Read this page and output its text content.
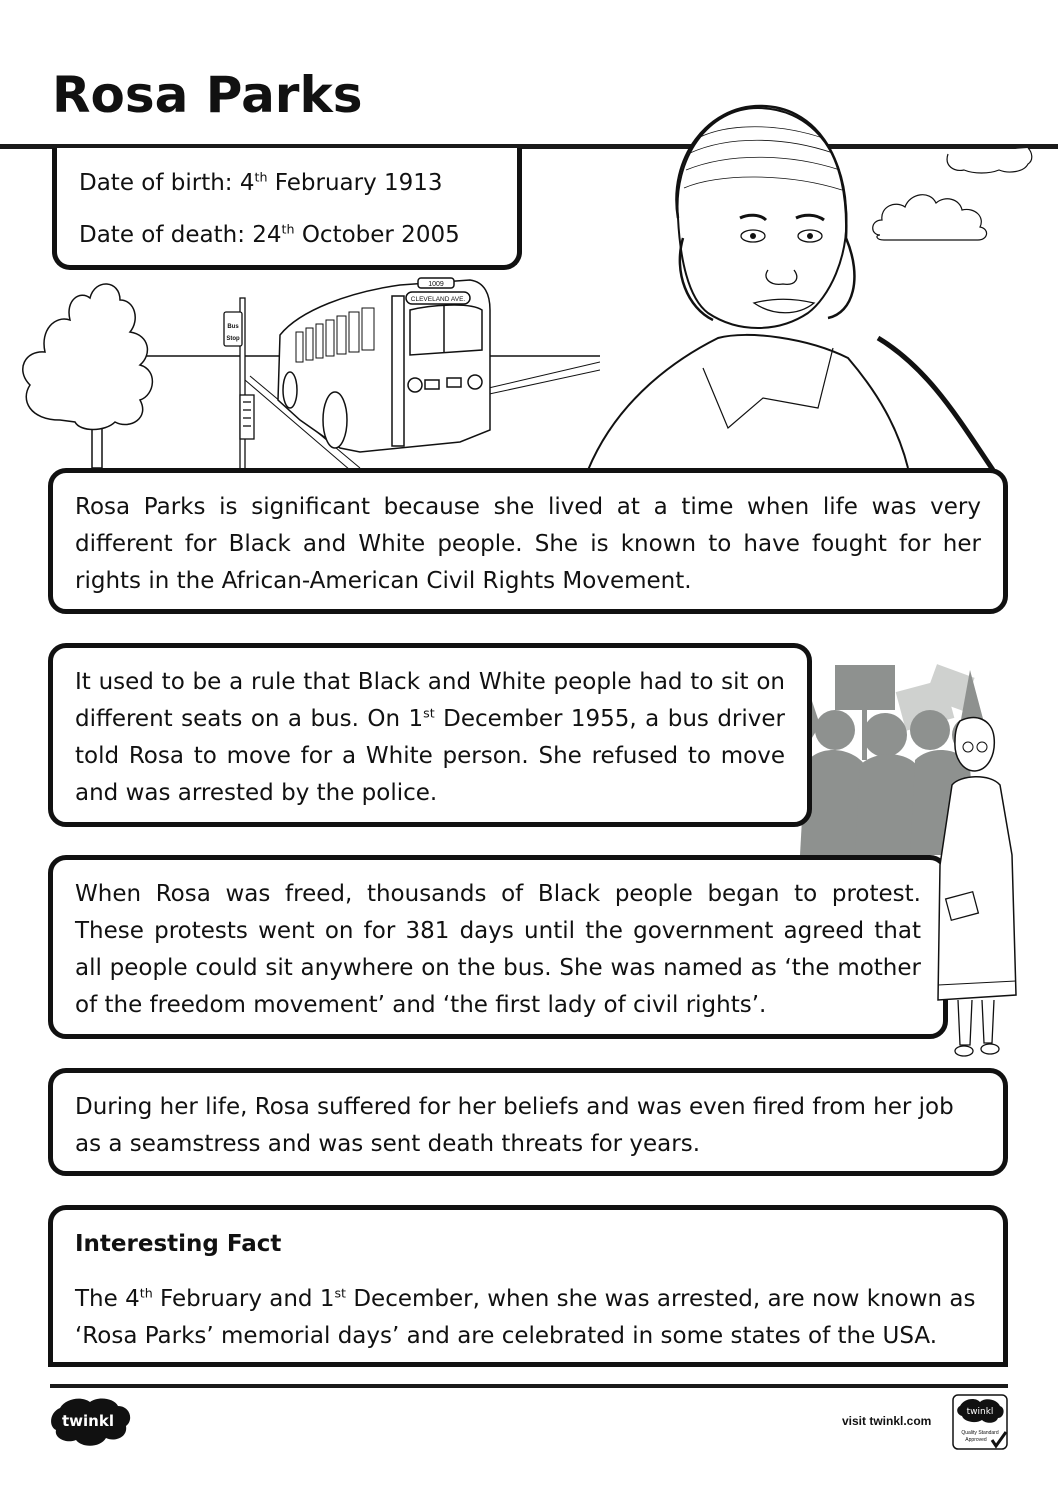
Rosa Parks
Date of birth: 4th February 1913
Date of death: 24th October 2005
Bus
Stop
CLEVELAND AVE.
1009
Rosa Parks is significant because she lived at a time when life was very different for Black and White people. She is known to have fought for her rights in the African-American Civil Rights Movement.
It used to be a rule that Black and White people had to sit on different seats on a bus. On 1st December 1955, a bus driver told Rosa to move for a White person. She refused to move and was arrested by the police.
When Rosa was freed, thousands of Black people began to protest. These protests went on for 381 days until the government agreed that all people could sit anywhere on the bus. She was named as ‘the mother of the freedom movement’ and ‘the first lady of civil rights’.
During her life, Rosa suffered for her beliefs and was even fired from her job as a seamstress and was sent death threats for years.
Interesting Fact
The 4th February and 1st December, when she was arrested, are now known as ‘Rosa Parks’ memorial days’ and are celebrated in some states of the USA.
twinkl	visit twinkl.com
twinkl
Quality Standard
Approved
